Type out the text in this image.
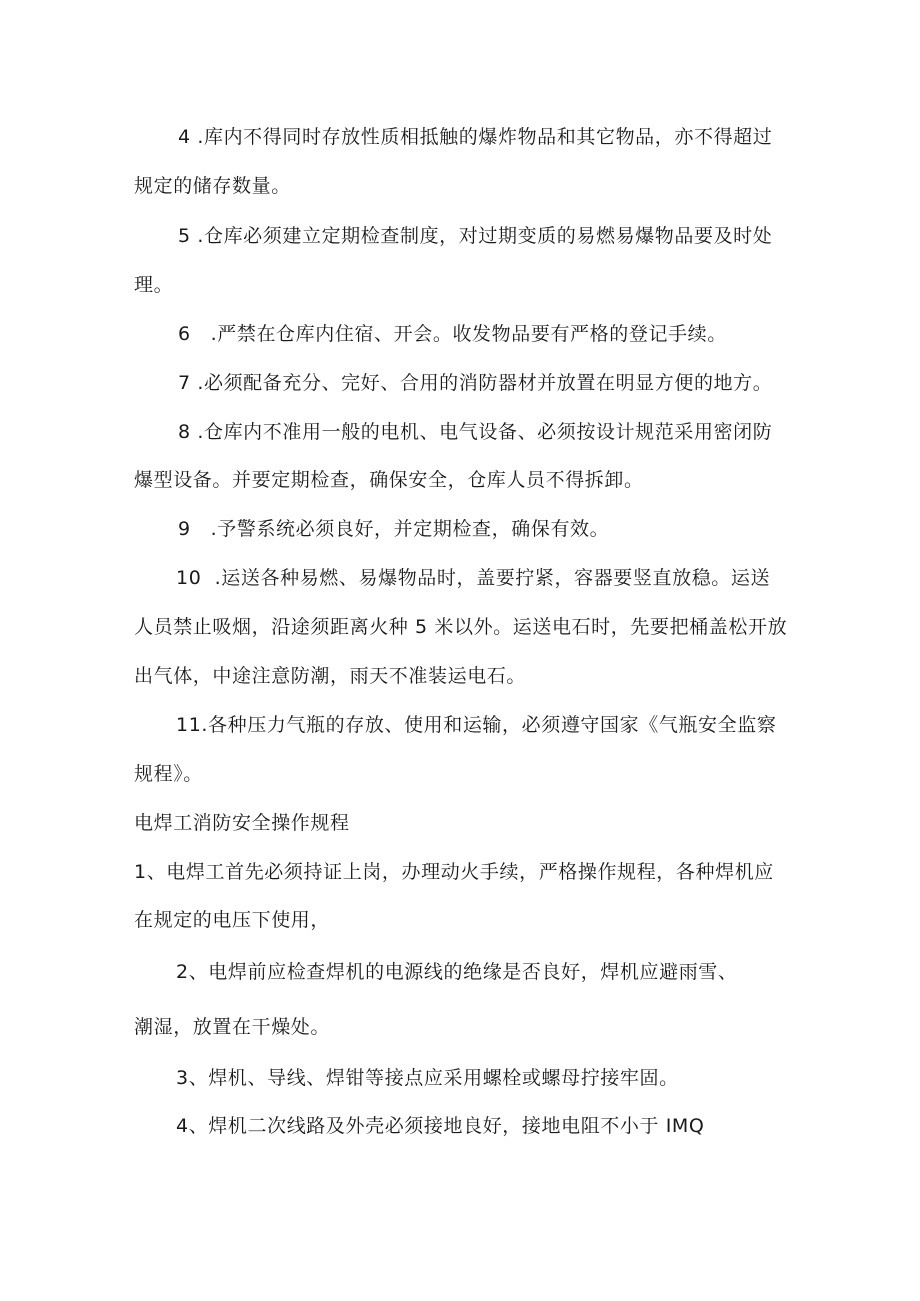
4 .库内不得同时存放性质相抵触的爆炸物品和其它物品，亦不得超过
规定的储存数量。
5 .仓库必须建立定期检查制度，对过期变质的易燃易爆物品要及时处
理。
6   .严禁在仓库内住宿、开会。收发物品要有严格的登记手续。
7 .必须配备充分、完好、合用的消防器材并放置在明显方便的地方。
8 .仓库内不准用一般的电机、电气设备、必须按设计规范采用密闭防
爆型设备。并要定期检查，确保安全，仓库人员不得拆卸。
9   .予警系统必须良好，并定期检查，确保有效。
10  .运送各种易燃、易爆物品时，盖要拧紧，容器要竖直放稳。运送
人员禁止吸烟，沿途须距离火种 5 米以外。运送电石时，先要把桶盖松开放
出气体，中途注意防潮，雨天不准装运电石。
11.各种压力气瓶的存放、使用和运输，必须遵守国家《气瓶安全监察
规程》。
电焊工消防安全操作规程
1、电焊工首先必须持证上岗，办理动火手续，严格操作规程，各种焊机应
在规定的电压下使用，
2、电焊前应检查焊机的电源线的绝缘是否良好，焊机应避雨雪、
潮湿，放置在干燥处。
3、焊机、导线、焊钳等接点应采用螺栓或螺母拧接牢固。
4、焊机二次线路及外壳必须接地良好，接地电阻不小于 IMQ
